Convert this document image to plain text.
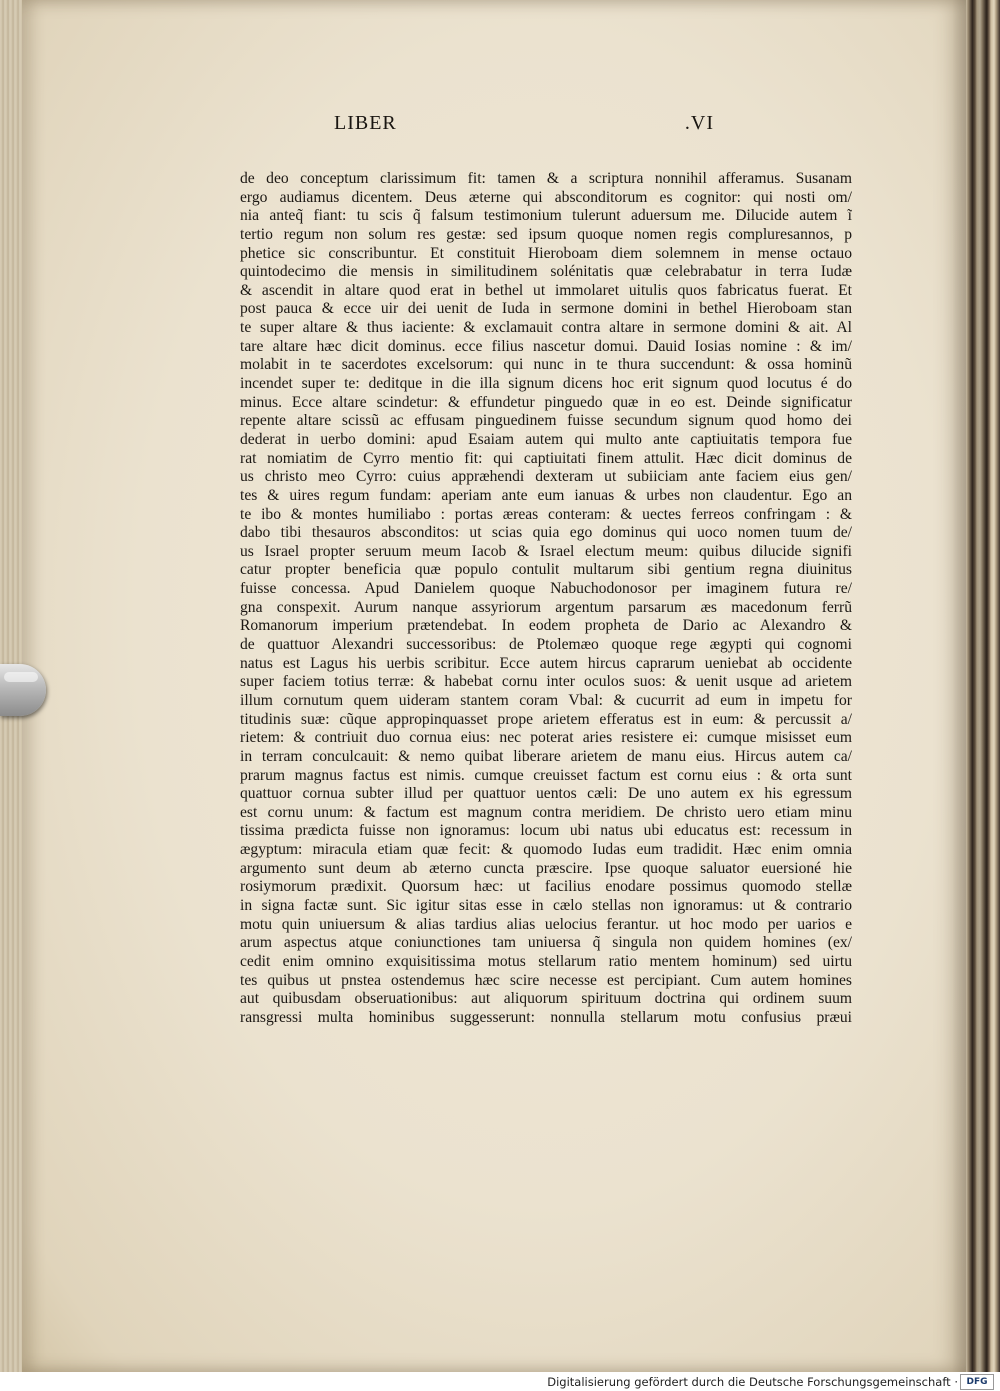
LIBER	.VI
de deo conceptum clarissimum fit: tamen & a scriptura nonnihil afferamus. Susanam
ergo audiamus dicentem. Deus æterne qui absconditorum es cognitor: qui nosti om/
nia anteq̃ fiant: tu scis q̃ falsum testimonium tulerunt aduersum me. Dilucide autem ĩ
tertio regum non solum res gestæ: sed ipsum quoque nomen regis compluresannos, p
phetice sic conscribuntur. Et constituit Hieroboam diem solemnem in mense octauo
quintodecimo die mensis in similitudinem solénitatis quæ celebrabatur in terra Iudæ
& ascendit in altare quod erat in bethel ut immolaret uitulis quos fabricatus fuerat. Et
post pauca & ecce uir dei uenit de Iuda in sermone domini in bethel Hieroboam stan
te super altare & thus iaciente: & exclamauit contra altare in sermone domini & ait. Al
tare altare hæc dicit dominus. ecce filius nascetur domui. Dauid Iosias nomine : & im/
molabit in te sacerdotes excelsorum: qui nunc in te thura succendunt: & ossa hominũ
incendet super te: deditque in die illa signum dicens hoc erit signum quod locutus é do
minus. Ecce altare scindetur: & effundetur pinguedo quæ in eo est. Deinde significatur
repente altare scissũ ac effusam pinguedinem fuisse secundum signum quod homo dei
dederat in uerbo domini: apud Esaiam autem qui multo ante captiuitatis tempora fue
rat nomiatim de Cyrro mentio fit: qui captiuitati finem attulit. Hæc dicit dominus de
us christo meo Cyrro: cuius appræhendi dexteram ut subiiciam ante faciem eius gen/
tes & uires regum fundam: aperiam ante eum ianuas & urbes non claudentur. Ego an
te ibo & montes humiliabo : portas æreas conteram: & uectes ferreos confringam : &
dabo tibi thesauros absconditos: ut scias quia ego dominus qui uoco nomen tuum de/
us Israel propter seruum meum Iacob & Israel electum meum: quibus dilucide signifi
catur propter beneficia quæ populo contulit multarum sibi gentium regna diuinitus
fuisse concessa. Apud Danielem quoque Nabuchodonosor per imaginem futura re/
gna conspexit. Aurum nanque assyriorum argentum parsarum æs macedonum ferrũ
Romanorum imperium prætendebat. In eodem propheta de Dario ac Alexandro &
de quattuor Alexandri successoribus: de Ptolemæo quoque rege ægypti qui cognomi
natus est Lagus his uerbis scribitur. Ecce autem hircus caprarum ueniebat ab occidente
super faciem totius terræ: & habebat cornu inter oculos suos: & uenit usque ad arietem
illum cornutum quem uideram stantem coram Vbal: & cucurrit ad eum in impetu for
titudinis suæ: cũque appropinquasset prope arietem efferatus est in eum: & percussit a/
rietem: & contriuit duo cornua eius: nec poterat aries resistere ei: cumque misisset eum
in terram conculcauit: & nemo quibat liberare arietem de manu eius. Hircus autem ca/
prarum magnus factus est nimis. cumque creuisset factum est cornu eius : & orta sunt
quattuor cornua subter illud per quattuor uentos cæli: De uno autem ex his egressum
est cornu unum: & factum est magnum contra meridiem. De christo uero etiam minu
tissima prædicta fuisse non ignoramus: locum ubi natus ubi educatus est: recessum in
ægyptum: miracula etiam quæ fecit: & quomodo Iudas eum tradidit. Hæc enim omnia
argumento sunt deum ab æterno cuncta præscire. Ipse quoque saluator euersioné hie
rosiymorum prædixit. Quorsum hæc: ut facilius enodare possimus quomodo stellæ
in signa factæ sunt. Sic igitur sitas esse in cælo stellas non ignoramus: ut & contrario
motu quin uniuersum & alias tardius alias uelocius ferantur. ut hoc modo per uarios e
arum aspectus atque coniunctiones tam uniuersa q̃ singula non quidem homines (ex/
cedit enim omnino exquisitissima motus stellarum ratio mentem hominum) sed uirtu
tes quibus ut pnstea ostendemus hæc scire necesse est percipiant. Cum autem homines
aut quibusdam obseruationibus: aut aliquorum spirituum doctrina qui ordinem suum
ransgressi multa hominibus suggesserunt: nonnulla stellarum motu confusius præui
Digitalisierung gefördert durch die Deutsche Forschungsgemeinschaft · DFG
